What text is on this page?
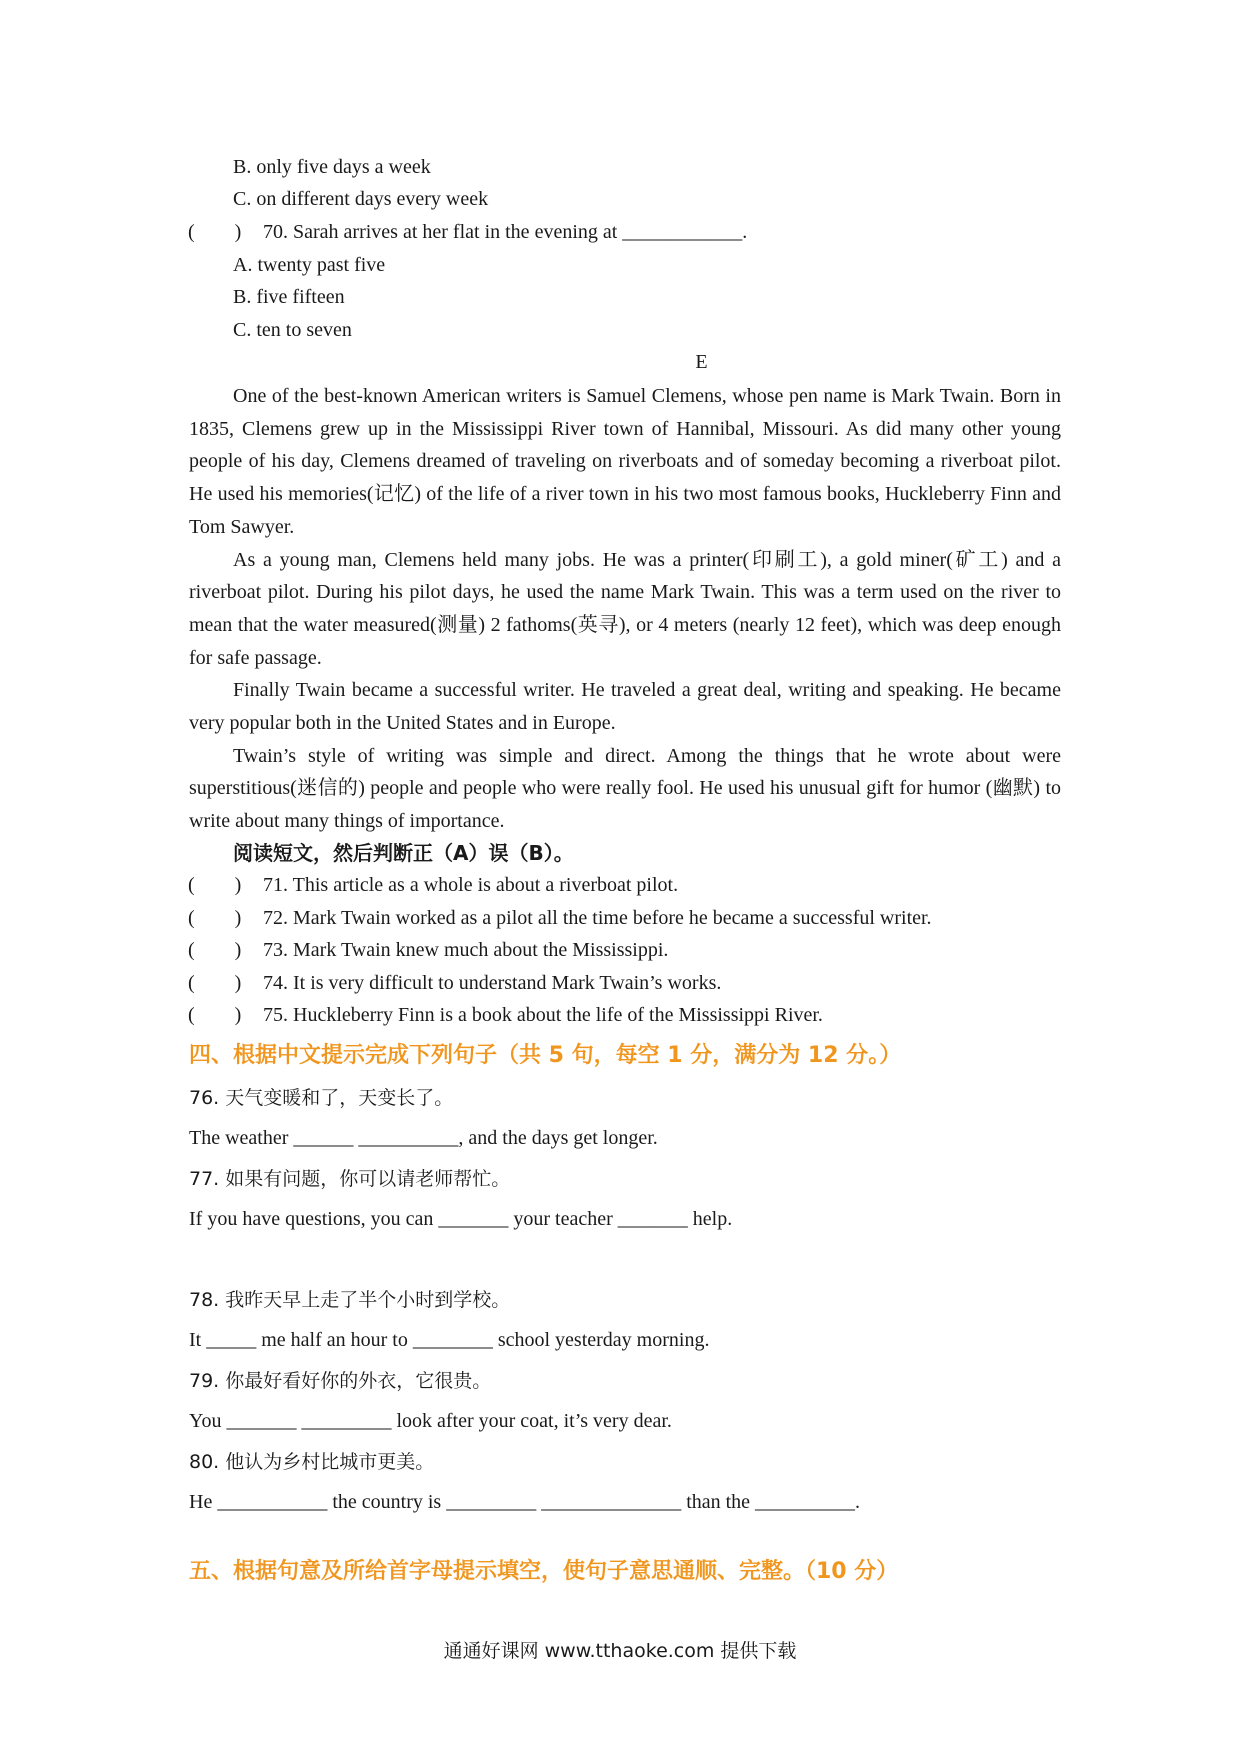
B. only five days a week
C. on different days every week
(　　) 70. Sarah arrives at her flat in the evening at ____________.
A. twenty past five
B. five fifteen
C. ten to seven
E

One of the best-known American writers is Samuel Clemens, whose pen name is Mark Twain. Born in 1835, Clemens grew up in the Mississippi River town of Hannibal, Missouri. As did many other young people of his day, Clemens dreamed of traveling on riverboats and of someday becoming a riverboat pilot. He used his memories(记忆) of the life of a river town in his two most famous books, Huckleberry Finn and Tom Sawyer.

As a young man, Clemens held many jobs. He was a printer(印刷工), a gold miner(矿工) and a riverboat pilot. During his pilot days, he used the name Mark Twain. This was a term used on the river to mean that the water measured(测量) 2 fathoms(英寻), or 4 meters (nearly 12 feet), which was deep enough for safe passage.

Finally Twain became a successful writer. He traveled a great deal, writing and speaking. He became very popular both in the United States and in Europe.

Twain’s style of writing was simple and direct. Among the things that he wrote about were superstitious(迷信的) people and people who were really fool. He used his unusual gift for humor (幽默) to write about many things of importance.

阅读短文，然后判断正（A）误（B）。
(　　) 71. This article as a whole is about a riverboat pilot.
(　　) 72. Mark Twain worked as a pilot all the time before he became a successful writer.
(　　) 73. Mark Twain knew much about the Mississippi.
(　　) 74. It is very difficult to understand Mark Twain’s works.
(　　) 75. Huckleberry Finn is a book about the life of the Mississippi River.
四、根据中文提示完成下列句子（共 5 句，每空 1 分，满分为 12 分。）
76. 天气变暖和了，天变长了。
The weather ______ __________, and the days get longer.
77. 如果有问题，你可以请老师帮忙。
If you have questions, you can _______ your teacher _______ help.
78. 我昨天早上走了半个小时到学校。
It _____ me half an hour to ________ school yesterday morning.
79. 你最好看好你的外衣，它很贵。
You _______ _________ look after your coat, it’s very dear.
80. 他认为乡村比城市更美。
He ___________ the country is _________ ______________ than the __________.
五、根据句意及所给首字母提示填空，使句子意思通顺、完整。（10 分）
通通好课网 www.tthaoke.com 提供下载
